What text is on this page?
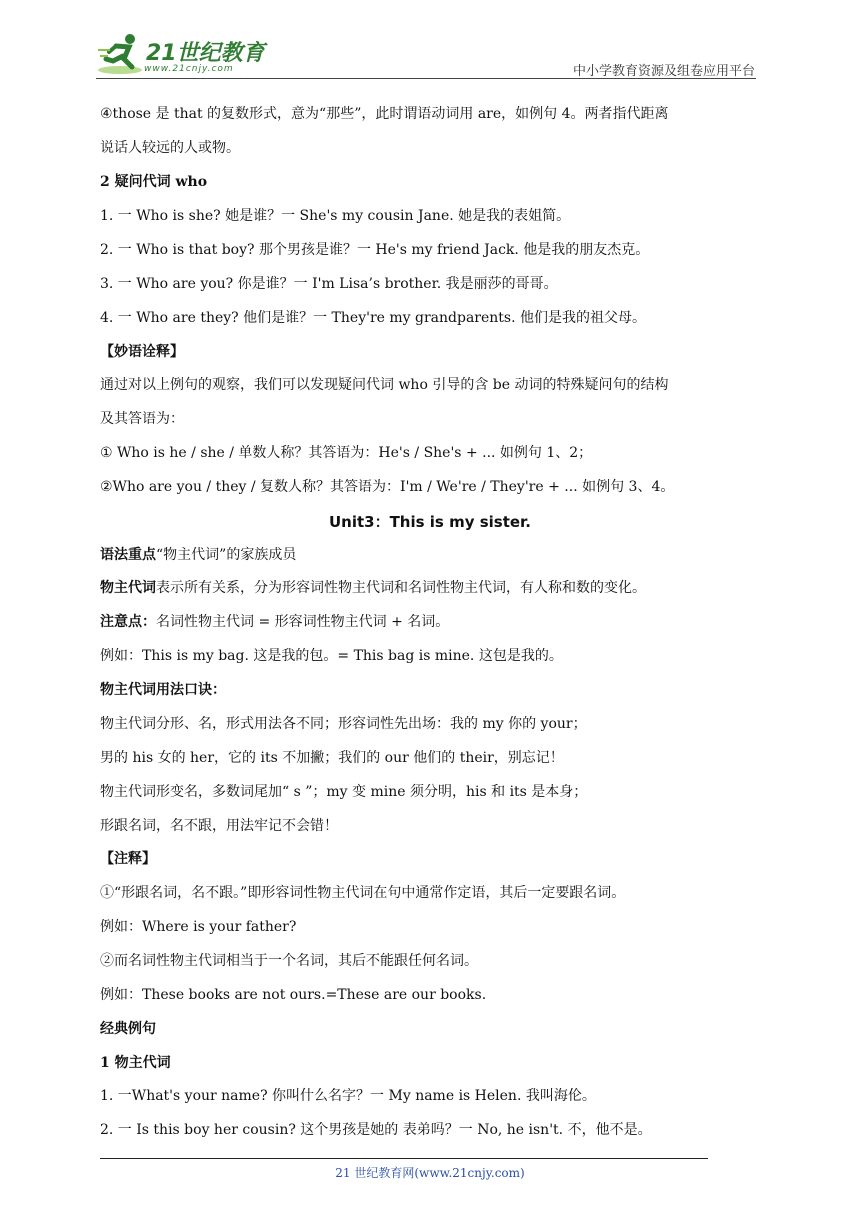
21世纪教育
www.21cnjy.com	中小学教育资源及组卷应用平台
④those 是 that 的复数形式，意为“那些”，此时谓语动词用 are，如例句 4。两者指代距离
说话人较远的人或物。
2 疑问代词 who
1. 一 Who is she? 她是谁？一 She's my cousin Jane. 她是我的表姐简。
2. 一 Who is that boy? 那个男孩是谁？一 He's my friend Jack. 他是我的朋友杰克。
3. 一 Who are you? 你是谁？一 I'm Lisa’s brother. 我是丽莎的哥哥。
4. 一 Who are they? 他们是谁？一 They're my grandparents. 他们是我的祖父母。
【妙语诠释】
通过对以上例句的观察，我们可以发现疑问代词 who 引导的含 be 动词的特殊疑问句的结构
及其答语为：
① Who is he / she / 单数人称？其答语为：He's / She's + ... 如例句 1、2；
②Who are you / they / 复数人称？其答语为：I'm / We're / They're + ... 如例句 3、4。
Unit3：This is my sister.
语法重点“物主代词”的家族成员
物主代词表示所有关系，分为形容词性物主代词和名词性物主代词，有人称和数的变化。
注意点：名词性物主代词 = 形容词性物主代词 + 名词。
例如：This is my bag. 这是我的包。= This bag is mine. 这包是我的。
物主代词用法口诀：
物主代词分形、名，形式用法各不同；形容词性先出场：我的 my 你的 your；
男的 his 女的 her，它的 its 不加撇；我们的 our 他们的 their，别忘记！
物主代词形变名，多数词尾加“ s ”；my 变 mine 须分明，his 和 its 是本身；
形跟名词，名不跟，用法牢记不会错！
【注释】
①“形跟名词，名不跟。”即形容词性物主代词在句中通常作定语，其后一定要跟名词。
例如：Where is your father?
②而名词性物主代词相当于一个名词，其后不能跟任何名词。
例如：These books are not ours.=These are our books.
经典例句
1 物主代词
1. 一What's your name? 你叫什么名字？一 My name is Helen. 我叫海伦。
2. 一 Is this boy her cousin? 这个男孩是她的 表弟吗？一 No, he isn't. 不，他不是。
21 世纪教育网(www.21cnjy.com)
